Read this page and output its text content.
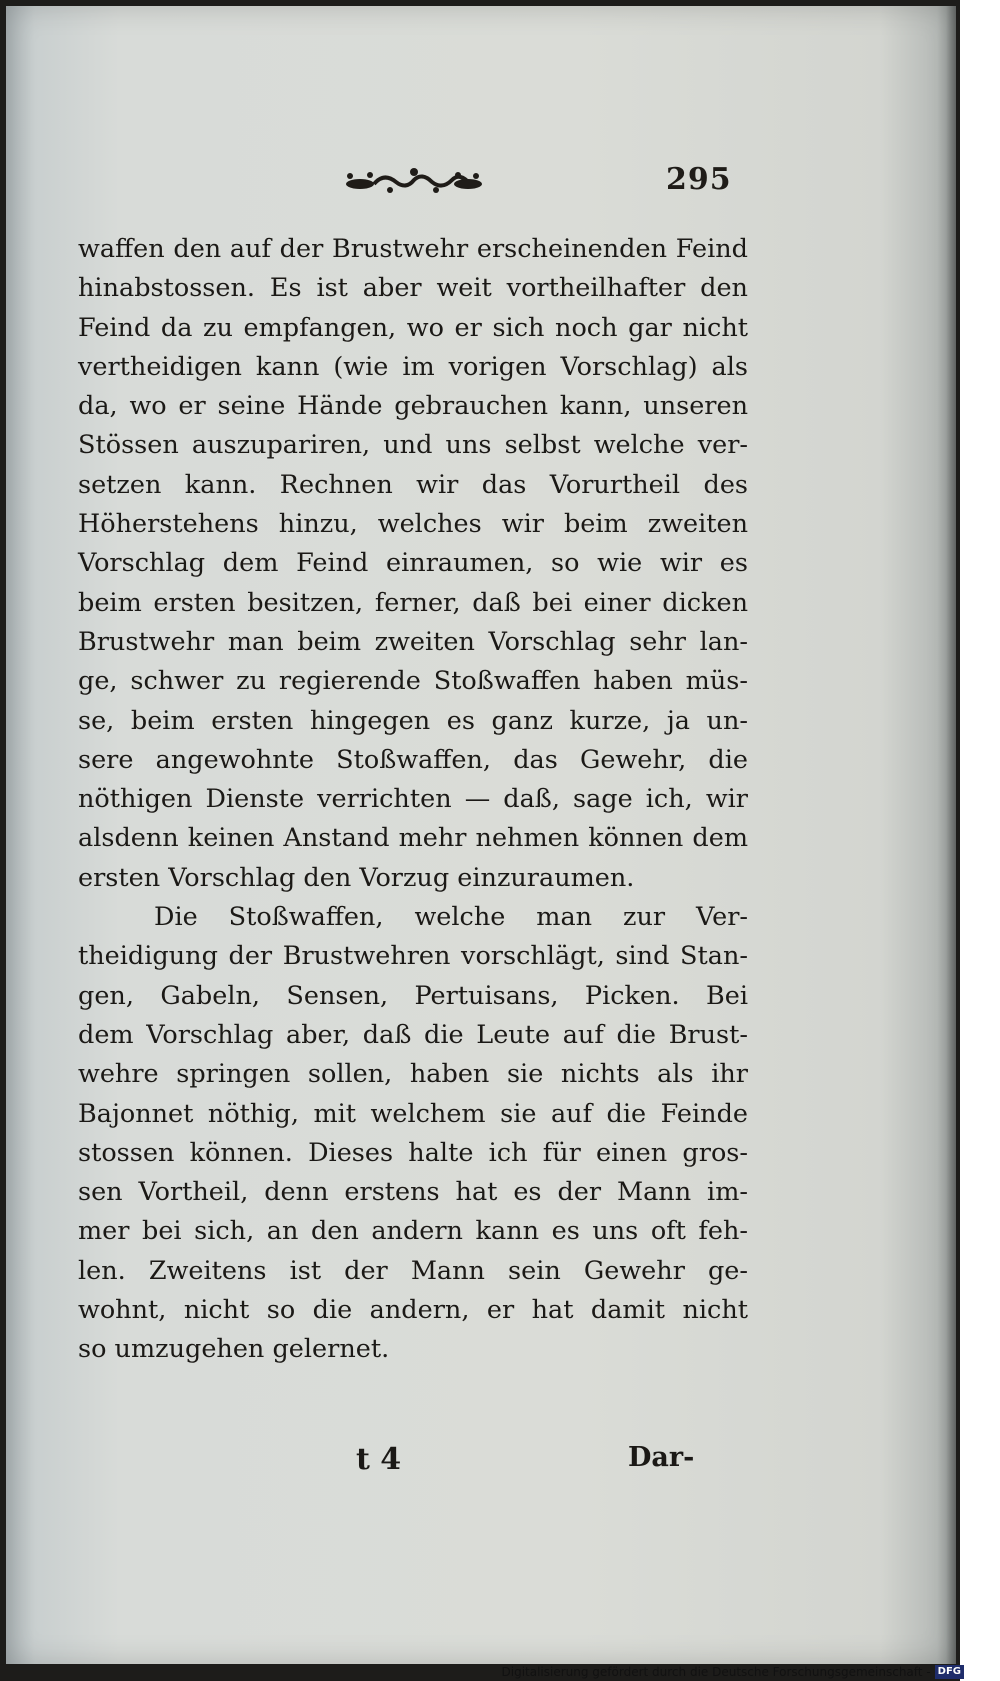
295
waffen den auf der Brustwehr erscheinenden Feind
hinabstossen. Es ist aber weit vortheilhafter den
Feind da zu empfangen, wo er sich noch gar nicht
vertheidigen kann (wie im vorigen Vorschlag) als
da, wo er seine Hände gebrauchen kann, unseren
Stössen auszupariren, und uns selbst welche ver-
setzen kann. Rechnen wir das Vorurtheil des
Höherstehens hinzu, welches wir beim zweiten
Vorschlag dem Feind einraumen, so wie wir es
beim ersten besitzen, ferner, daß bei einer dicken
Brustwehr man beim zweiten Vorschlag sehr lan-
ge, schwer zu regierende Stoßwaffen haben müs-
se, beim ersten hingegen es ganz kurze, ja un-
sere angewohnte Stoßwaffen, das Gewehr, die
nöthigen Dienste verrichten — daß, sage ich, wir
alsdenn keinen Anstand mehr nehmen können dem
ersten Vorschlag den Vorzug einzuraumen.
Die Stoßwaffen, welche man zur Ver-
theidigung der Brustwehren vorschlägt, sind Stan-
gen, Gabeln, Sensen, Pertuisans, Picken. Bei
dem Vorschlag aber, daß die Leute auf die Brust-
wehre springen sollen, haben sie nichts als ihr
Bajonnet nöthig, mit welchem sie auf die Feinde
stossen können. Dieses halte ich für einen gros-
sen Vortheil, denn erstens hat es der Mann im-
mer bei sich, an den andern kann es uns oft feh-
len. Zweitens ist der Mann sein Gewehr ge-
wohnt, nicht so die andern, er hat damit nicht
so umzugehen gelernet.
t 4	Dar-
Digitalisierung gefördert durch die Deutsche Forschungsgemeinschaft - DFG
